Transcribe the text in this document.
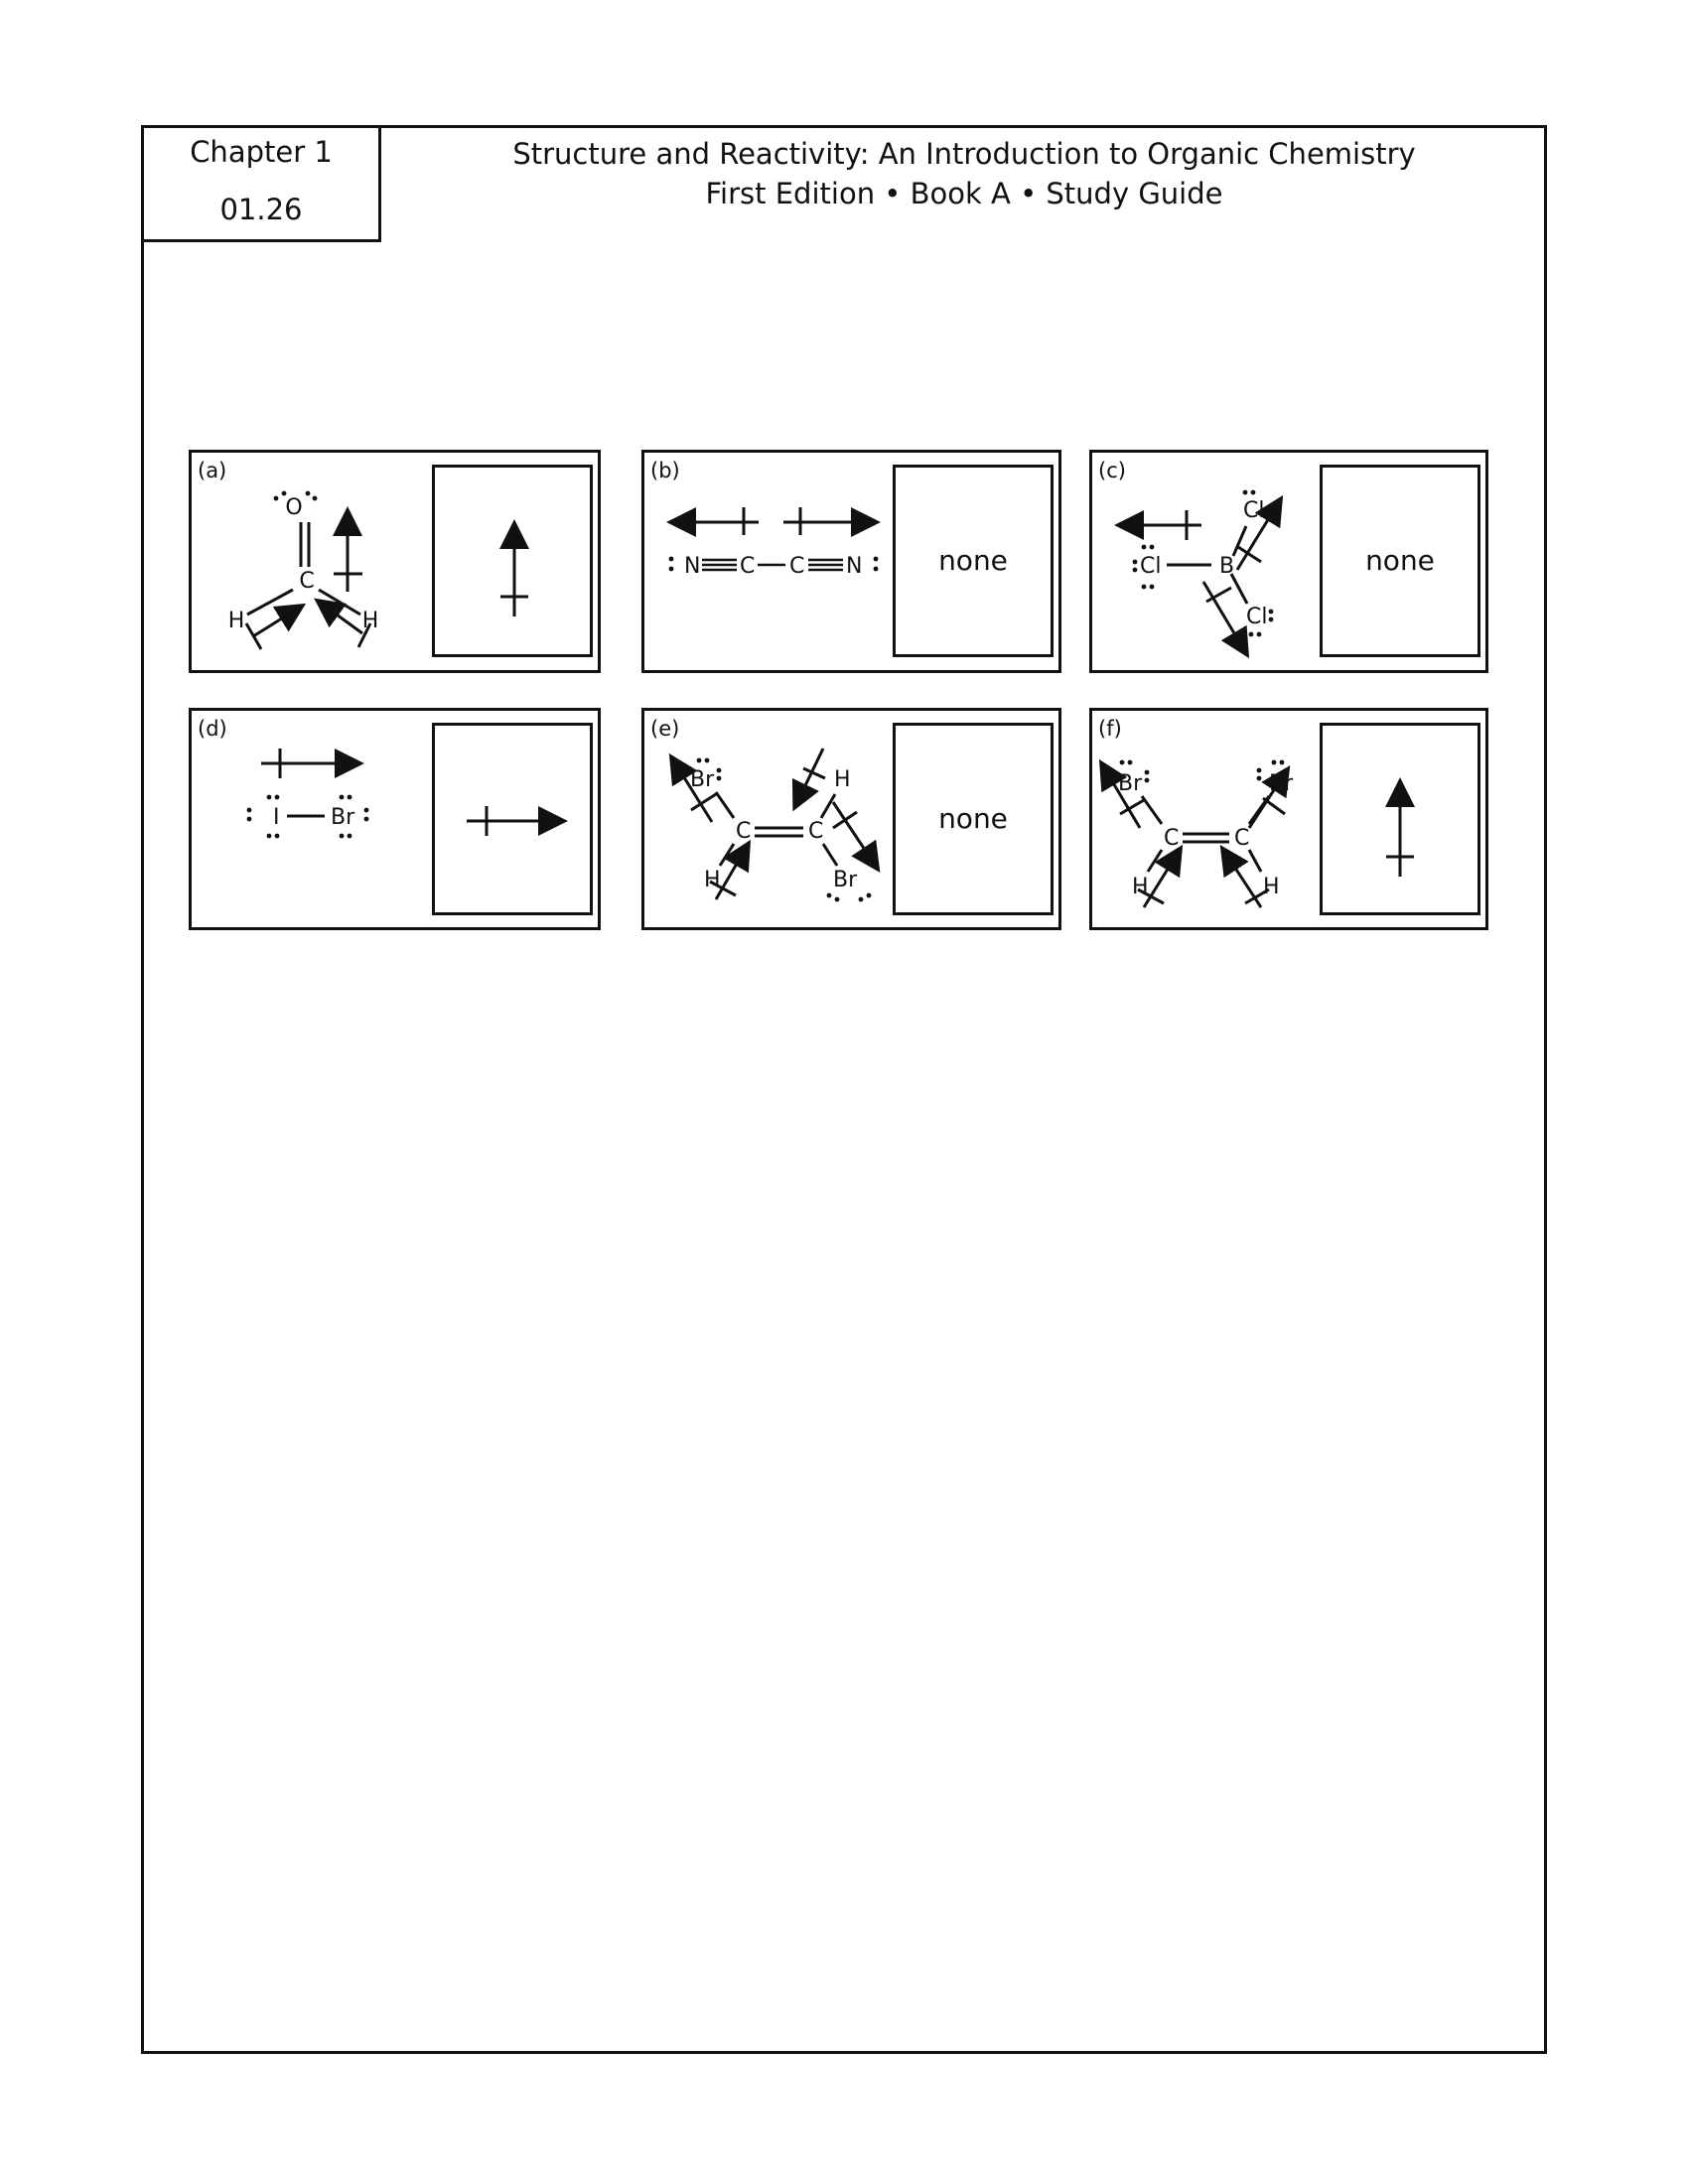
Chapter 1
01.26
Structure and Reactivity: An Introduction to Organic Chemistry
First Edition • Book A • Study Guide
(a)
O
C
H	H
(b)
N C C N	none
(c)
Cl	B
Cl
Cl
none
(d)
I Br
(e)
Br
C	C
H
H	Br
none
(f)
Br
C	C
Br
H	H
